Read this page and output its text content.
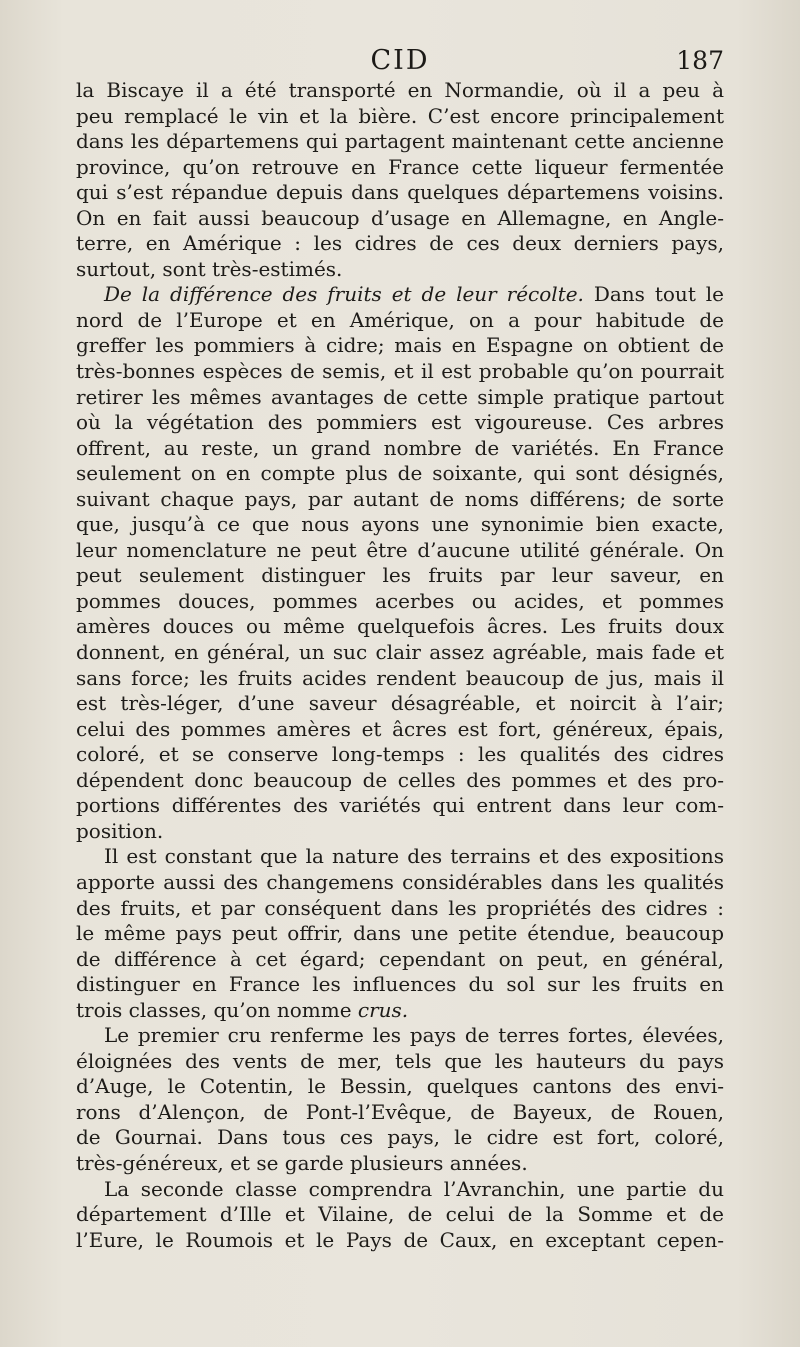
CID	187
la Biscaye il a été transporté en Normandie, où il a peu à
peu remplacé le vin et la bière. C’est encore principalement
dans les départemens qui partagent maintenant cette ancienne
province, qu’on retrouve en France cette liqueur fermentée
qui s’est répandue depuis dans quelques départemens voisins.
On en fait aussi beaucoup d’usage en Allemagne, en Angle-
terre, en Amérique : les cidres de ces deux derniers pays,
surtout, sont très-estimés.
De la différence des fruits et de leur récolte. Dans tout le
nord de l’Europe et en Amérique, on a pour habitude de
greffer les pommiers à cidre; mais en Espagne on obtient de
très-bonnes espèces de semis, et il est probable qu’on pourrait
retirer les mêmes avantages de cette simple pratique partout
où la végétation des pommiers est vigoureuse. Ces arbres
offrent, au reste, un grand nombre de variétés. En France
seulement on en compte plus de soixante, qui sont désignés,
suivant chaque pays, par autant de noms différens; de sorte
que, jusqu’à ce que nous ayons une synonimie bien exacte,
leur nomenclature ne peut être d’aucune utilité générale. On
peut seulement distinguer les fruits par leur saveur, en
pommes douces, pommes acerbes ou acides, et pommes
amères douces ou même quelquefois âcres. Les fruits doux
donnent, en général, un suc clair assez agréable, mais fade et
sans force; les fruits acides rendent beaucoup de jus, mais il
est très-léger, d’une saveur désagréable, et noircit à l’air;
celui des pommes amères et âcres est fort, généreux, épais,
coloré, et se conserve long-temps : les qualités des cidres
dépendent donc beaucoup de celles des pommes et des pro-
portions différentes des variétés qui entrent dans leur com-
position.
Il est constant que la nature des terrains et des expositions
apporte aussi des changemens considérables dans les qualités
des fruits, et par conséquent dans les propriétés des cidres :
le même pays peut offrir, dans une petite étendue, beaucoup
de différence à cet égard; cependant on peut, en général,
distinguer en France les influences du sol sur les fruits en
trois classes, qu’on nomme crus.
Le premier cru renferme les pays de terres fortes, élevées,
éloignées des vents de mer, tels que les hauteurs du pays
d’Auge, le Cotentin, le Bessin, quelques cantons des envi-
rons d’Alençon, de Pont-l’Evêque, de Bayeux, de Rouen,
de Gournai. Dans tous ces pays, le cidre est fort, coloré,
très-généreux, et se garde plusieurs années.
La seconde classe comprendra l’Avranchin, une partie du
département d’Ille et Vilaine, de celui de la Somme et de
l’Eure, le Roumois et le Pays de Caux, en exceptant cepen-
